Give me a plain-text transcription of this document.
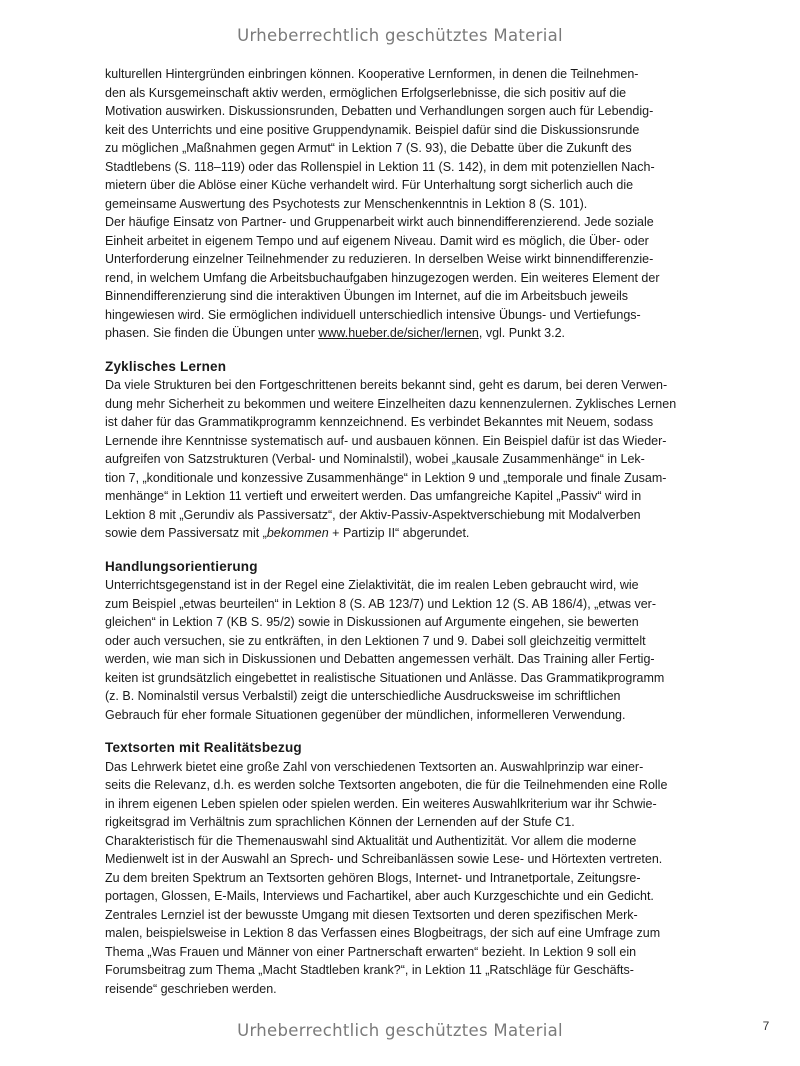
Urheberrechtlich geschütztes Material
kulturellen Hintergründen einbringen können. Kooperative Lernformen, in denen die Teilnehmen-
den als Kursgemeinschaft aktiv werden, ermöglichen Erfolgserlebnisse, die sich positiv auf die
Motivation auswirken. Diskussionsrunden, Debatten und Verhandlungen sorgen auch für Lebendig-
keit des Unterrichts und eine positive Gruppendynamik. Beispiel dafür sind die Diskussionsrunde
zu möglichen „Maßnahmen gegen Armut“ in Lektion 7 (S. 93), die Debatte über die Zukunft des
Stadtlebens (S. 118–119) oder das Rollenspiel in Lektion 11 (S. 142), in dem mit potenziellen Nach-
mietern über die Ablöse einer Küche verhandelt wird. Für Unterhaltung sorgt sicherlich auch die
gemeinsame Auswertung des Psychotests zur Menschenkenntnis in Lektion 8 (S. 101).
Der häufige Einsatz von Partner- und Gruppenarbeit wirkt auch binnendifferenzierend. Jede soziale
Einheit arbeitet in eigenem Tempo und auf eigenem Niveau. Damit wird es möglich, die Über- oder
Unterforderung einzelner Teilnehmender zu reduzieren. In derselben Weise wirkt binnendifferenzie-
rend, in welchem Umfang die Arbeitsbuchaufgaben hinzugezogen werden. Ein weiteres Element der
Binnendifferenzierung sind die interaktiven Übungen im Internet, auf die im Arbeitsbuch jeweils
hingewiesen wird. Sie ermöglichen individuell unterschiedlich intensive Übungs- und Vertiefungs-
phasen. Sie finden die Übungen unter www.hueber.de/sicher/lernen, vgl. Punkt 3.2.
Zyklisches Lernen
Da viele Strukturen bei den Fortgeschrittenen bereits bekannt sind, geht es darum, bei deren Verwen-
dung mehr Sicherheit zu bekommen und weitere Einzelheiten dazu kennenzulernen. Zyklisches Lernen
ist daher für das Grammatikprogramm kennzeichnend. Es verbindet Bekanntes mit Neuem, sodass
Lernende ihre Kenntnisse systematisch auf- und ausbauen können. Ein Beispiel dafür ist das Wieder-
aufgreifen von Satzstrukturen (Verbal- und Nominalstil), wobei „kausale Zusammenhänge“ in Lek-
tion 7, „konditionale und konzessive Zusammenhänge“ in Lektion 9 und „temporale und finale Zusam-
menhänge“ in Lektion 11 vertieft und erweitert werden. Das umfangreiche Kapitel „Passiv“ wird in
Lektion 8 mit „Gerundiv als Passiversatz“, der Aktiv-Passiv-Aspektverschiebung mit Modalverben
sowie dem Passiversatz mit „bekommen + Partizip II“ abgerundet.
Handlungsorientierung
Unterrichtsgegenstand ist in der Regel eine Zielaktivität, die im realen Leben gebraucht wird, wie
zum Beispiel „etwas beurteilen“ in Lektion 8 (S. AB 123/7) und Lektion 12 (S. AB 186/4), „etwas ver-
gleichen“ in Lektion 7 (KB S. 95/2) sowie in Diskussionen auf Argumente eingehen, sie bewerten
oder auch versuchen, sie zu entkräften, in den Lektionen 7 und 9. Dabei soll gleichzeitig vermittelt
werden, wie man sich in Diskussionen und Debatten angemessen verhält. Das Training aller Fertig-
keiten ist grundsätzlich eingebettet in realistische Situationen und Anlässe. Das Grammatikprogramm
(z. B. Nominalstil versus Verbalstil) zeigt die unterschiedliche Ausdrucksweise im schriftlichen
Gebrauch für eher formale Situationen gegenüber der mündlichen, informelleren Verwendung.
Textsorten mit Realitätsbezug
Das Lehrwerk bietet eine große Zahl von verschiedenen Textsorten an. Auswahlprinzip war einer-
seits die Relevanz, d.h. es werden solche Textsorten angeboten, die für die Teilnehmenden eine Rolle
in ihrem eigenen Leben spielen oder spielen werden. Ein weiteres Auswahlkriterium war ihr Schwie-
rigkeitsgrad im Verhältnis zum sprachlichen Können der Lernenden auf der Stufe C1.
Charakteristisch für die Themenauswahl sind Aktualität und Authentizität. Vor allem die moderne
Medienwelt ist in der Auswahl an Sprech- und Schreibanlässen sowie Lese- und Hörtexten vertreten.
Zu dem breiten Spektrum an Textsorten gehören Blogs, Internet- und Intranetportale, Zeitungsre-
portagen, Glossen, E-Mails, Interviews und Fachartikel, aber auch Kurzgeschichte und ein Gedicht.
Zentrales Lernziel ist der bewusste Umgang mit diesen Textsorten und deren spezifischen Merk-
malen, beispielsweise in Lektion 8 das Verfassen eines Blogbeitrags, der sich auf eine Umfrage zum
Thema „Was Frauen und Männer von einer Partnerschaft erwarten“ bezieht. In Lektion 9 soll ein
Forumsbeitrag zum Thema „Macht Stadtleben krank?“, in Lektion 11 „Ratschläge für Geschäfts-
reisende“ geschrieben werden.
Urheberrechtlich geschütztes Material	7
